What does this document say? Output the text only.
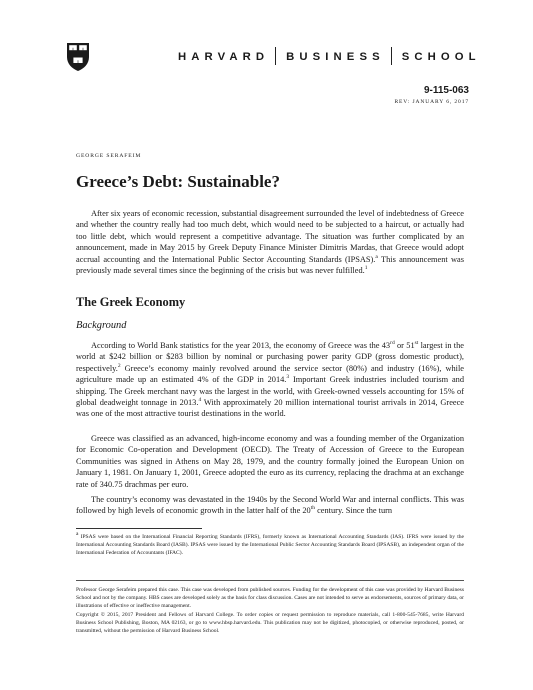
HARVARD BUSINESS SCHOOL
9-115-063
REV: JANUARY 6, 2017
GEORGE SERAFEIM
Greece’s Debt: Sustainable?

After six years of economic recession, substantial disagreement surrounded the level of indebtedness of Greece and whether the country really had too much debt, which would need to be subjected to a haircut, or actually had too little debt, which would represent a competitive advantage. The situation was further complicated by an announcement, made in May 2015 by Greek Deputy Finance Minister Dimitris Mardas, that Greece would adopt accrual accounting and the International Public Sector Accounting Standards (IPSAS).$^a$ This announcement was previously made several times since the beginning of the crisis but was never fulfilled.$^1$

The Greek Economy
Background

According to World Bank statistics for the year 2013, the economy of Greece was the 43rd or 51st largest in the world at $242 billion or $283 billion by nominal or purchasing power parity GDP (gross domestic product), respectively.$^2$ Greece’s economy mainly revolved around the service sector (80%) and industry (16%), while agriculture made up an estimated 4% of the GDP in 2014.$^3$ Important Greek industries included tourism and shipping. The Greek merchant navy was the largest in the world, with Greek-owned vessels accounting for 15% of global deadweight tonnage in 2013.$^4$ With approximately 20 million international tourist arrivals in 2014, Greece was one of the most attractive tourist destinations in the world.

Greece was classified as an advanced, high-income economy and was a founding member of the Organization for Economic Co-operation and Development (OECD). The Treaty of Accession of Greece to the European Communities was signed in Athens on May 28, 1979, and the country formally joined the European Union on January 1, 1981. On January 1, 2001, Greece adopted the euro as its currency, replacing the drachma at an exchange rate of 340.75 drachmas per euro.

The country’s economy was devastated in the 1940s by the Second World War and internal conflicts. This was followed by high levels of economic growth in the latter half of the 20th century. Since the turn

$^a$ IPSAS were based on the International Financial Reporting Standards (IFRS), formerly known as International Accounting Standards (IAS). IFRS were issued by the International Accounting Standards Board (IASB). IPSAS were issued by the International Public Sector Accounting Standards Board (IPSASB), an independent organ of the International Federation of Accountants (IFAC).

Professor George Serafeim prepared this case. This case was developed from published sources. Funding for the development of this case was provided by Harvard Business School and not by the company. HBS cases are developed solely as the basis for class discussion. Cases are not intended to serve as endorsements, sources of primary data, or illustrations of effective or ineffective management.

Copyright © 2015, 2017 President and Fellows of Harvard College. To order copies or request permission to reproduce materials, call 1-800-545-7685, write Harvard Business School Publishing, Boston, MA 02163, or go to www.hbsp.harvard.edu. This publication may not be digitized, photocopied, or otherwise reproduced, posted, or transmitted, without the permission of Harvard Business School.
